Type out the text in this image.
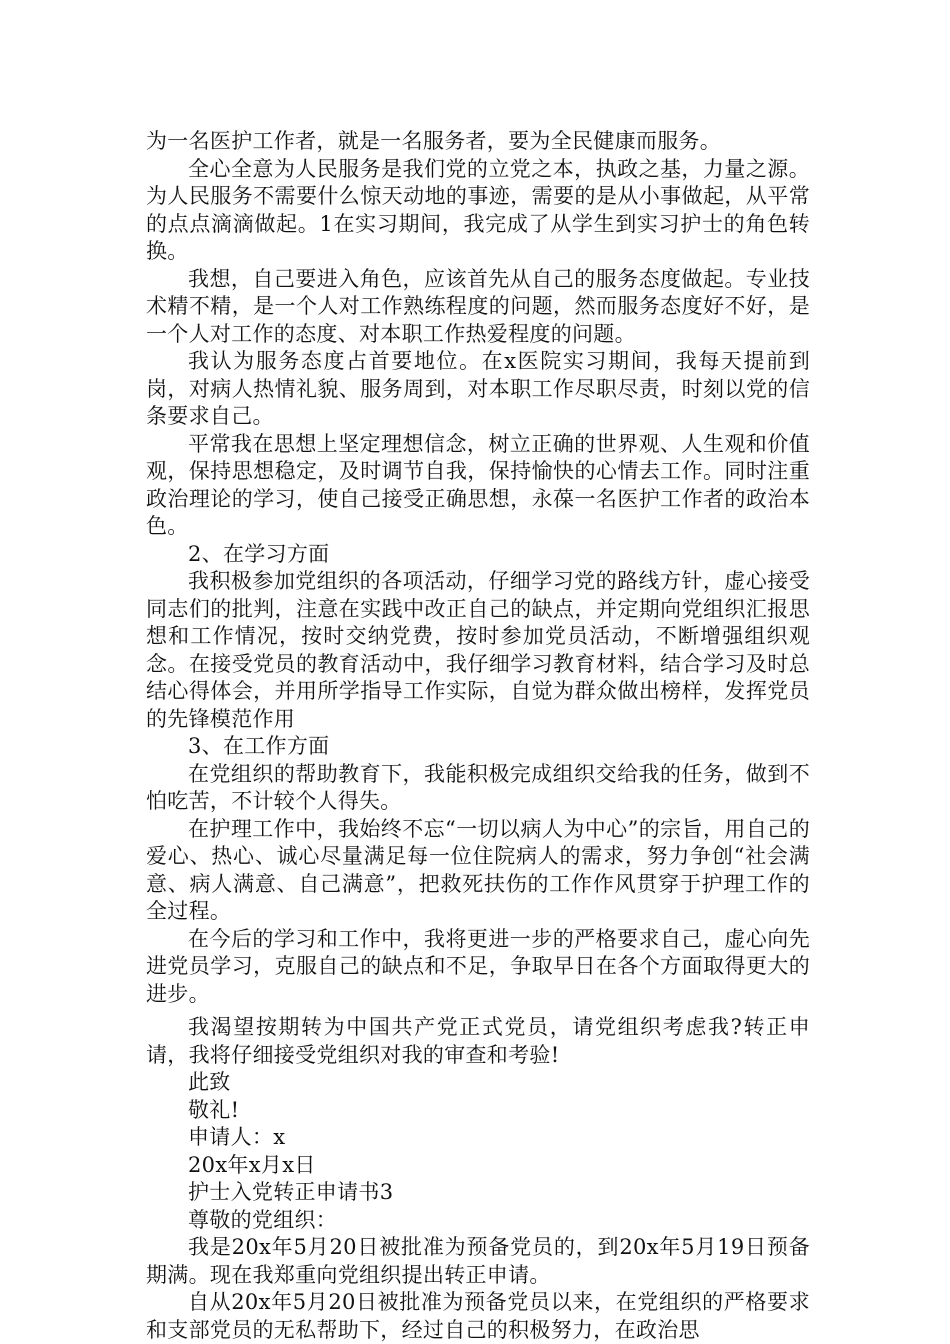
为一名医护工作者，就是一名服务者，要为全民健康而服务。

全心全意为人民服务是我们党的立党之本，执政之基，力量之源。为人民服务不需要什么惊天动地的事迹，需要的是从小事做起，从平常的点点滴滴做起。1在实习期间，我完成了从学生到实习护士的角色转换。

我想，自己要进入角色，应该首先从自己的服务态度做起。专业技术精不精，是一个人对工作熟练程度的问题，然而服务态度好不好，是一个人对工作的态度、对本职工作热爱程度的问题。

我认为服务态度占首要地位。在x医院实习期间，我每天提前到岗，对病人热情礼貌、服务周到，对本职工作尽职尽责，时刻以党的信条要求自己。

平常我在思想上坚定理想信念，树立正确的世界观、人生观和价值观，保持思想稳定，及时调节自我，保持愉快的心情去工作。同时注重政治理论的学习，使自己接受正确思想，永葆一名医护工作者的政治本色。

2、在学习方面

我积极参加党组织的各项活动，仔细学习党的路线方针，虚心接受同志们的批判，注意在实践中改正自己的缺点，并定期向党组织汇报思想和工作情况，按时交纳党费，按时参加党员活动，不断增强组织观念。在接受党员的教育活动中，我仔细学习教育材料，结合学习及时总结心得体会，并用所学指导工作实际，自觉为群众做出榜样，发挥党员的先锋模范作用

3、在工作方面

在党组织的帮助教育下，我能积极完成组织交给我的任务，做到不怕吃苦，不计较个人得失。

在护理工作中，我始终不忘“一切以病人为中心”的宗旨，用自己的爱心、热心、诚心尽量满足每一位住院病人的需求，努力争创“社会满意、病人满意、自己满意”，把救死扶伤的工作作风贯穿于护理工作的全过程。

在今后的学习和工作中，我将更进一步的严格要求自己，虚心向先进党员学习，克服自己的缺点和不足，争取早日在各个方面取得更大的进步。

我渴望按期转为中国共产党正式党员，请党组织考虑我?转正申请，我将仔细接受党组织对我的审查和考验!

此致

敬礼!

申请人：x

20x年x月x日

护士入党转正申请书3

尊敬的党组织：

我是20x年5月20日被批准为预备党员的，到20x年5月19日预备期满。现在我郑重向党组织提出转正申请。

自从20x年5月20日被批准为预备党员以来，在党组织的严格要求和支部党员的无私帮助下，经过自己的积极努力，在政治思
